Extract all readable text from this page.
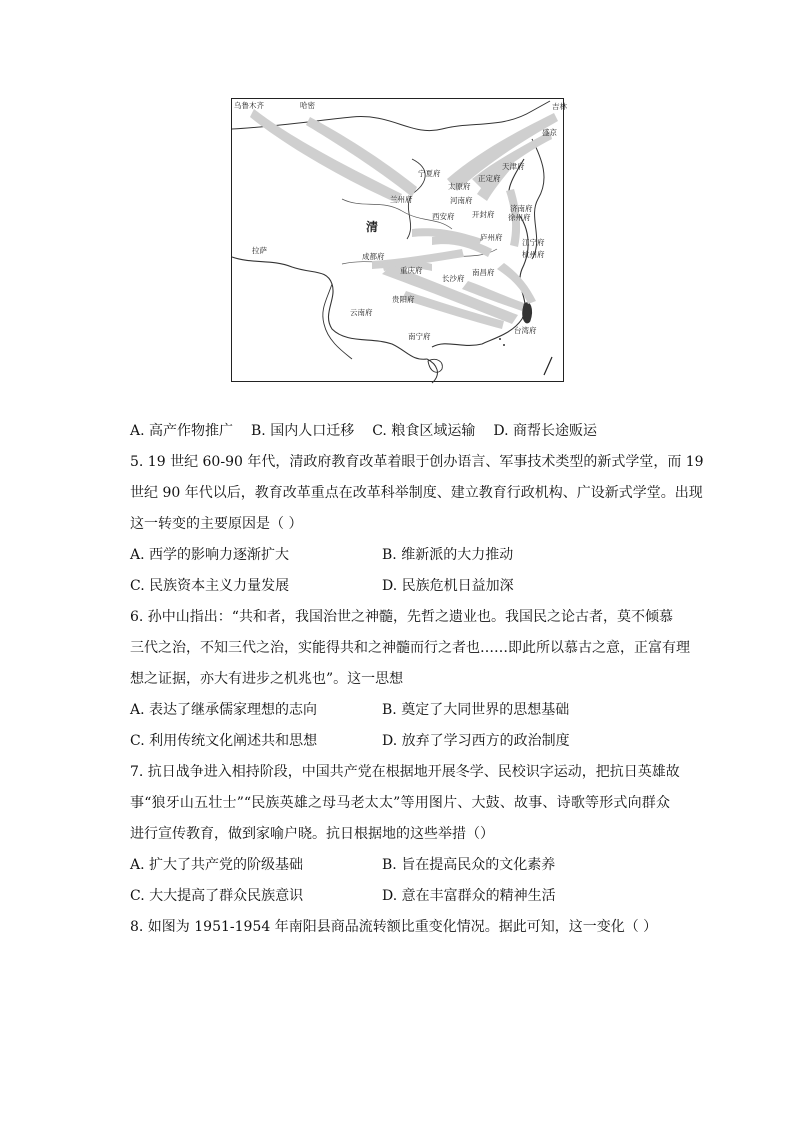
乌鲁木齐	哈密	吉林
盛京
宁夏府
太原府
正定府
天津府
兰州府	河南府
济南府
徐州府
西安府 开封府
清
庐州府
江宁府
杭州府
拉萨
成都府
重庆府
长沙府
南昌府
贵阳府
云南府
台湾府
南宁府
A. 高产作物推广 B. 国内人口迁移 C. 粮食区域运输 D. 商帮长途贩运
5. 19 世纪 60-90 年代，清政府教育改革着眼于创办语言、军事技术类型的新式学堂，而 19
世纪 90 年代以后，教育改革重点在改革科举制度、建立教育行政机构、广设新式学堂。出现
这一转变的主要原因是（ ）
A. 西学的影响力逐渐扩大	B. 维新派的大力推动
C. 民族资本主义力量发展	D. 民族危机日益加深
6. 孙中山指出：“共和者，我国治世之神髓，先哲之遗业也。我国民之论古者，莫不倾慕
三代之治，不知三代之治，实能得共和之神髓而行之者也……即此所以慕古之意，正富有理
想之证据，亦大有进步之机兆也”。这一思想
A. 表达了继承儒家理想的志向	B. 奠定了大同世界的思想基础
C. 利用传统文化阐述共和思想	D. 放弃了学习西方的政治制度
7. 抗日战争进入相持阶段，中国共产党在根据地开展冬学、民校识字运动，把抗日英雄故
事“狼牙山五壮士”“民族英雄之母马老太太”等用图片、大鼓、故事、诗歌等形式向群众
进行宣传教育，做到家喻户晓。抗日根据地的这些举措（）
A. 扩大了共产党的阶级基础	B. 旨在提高民众的文化素养
C. 大大提高了群众民族意识	D. 意在丰富群众的精神生活
8. 如图为 1951-1954 年南阳县商品流转额比重变化情况。据此可知，这一变化（ ）
